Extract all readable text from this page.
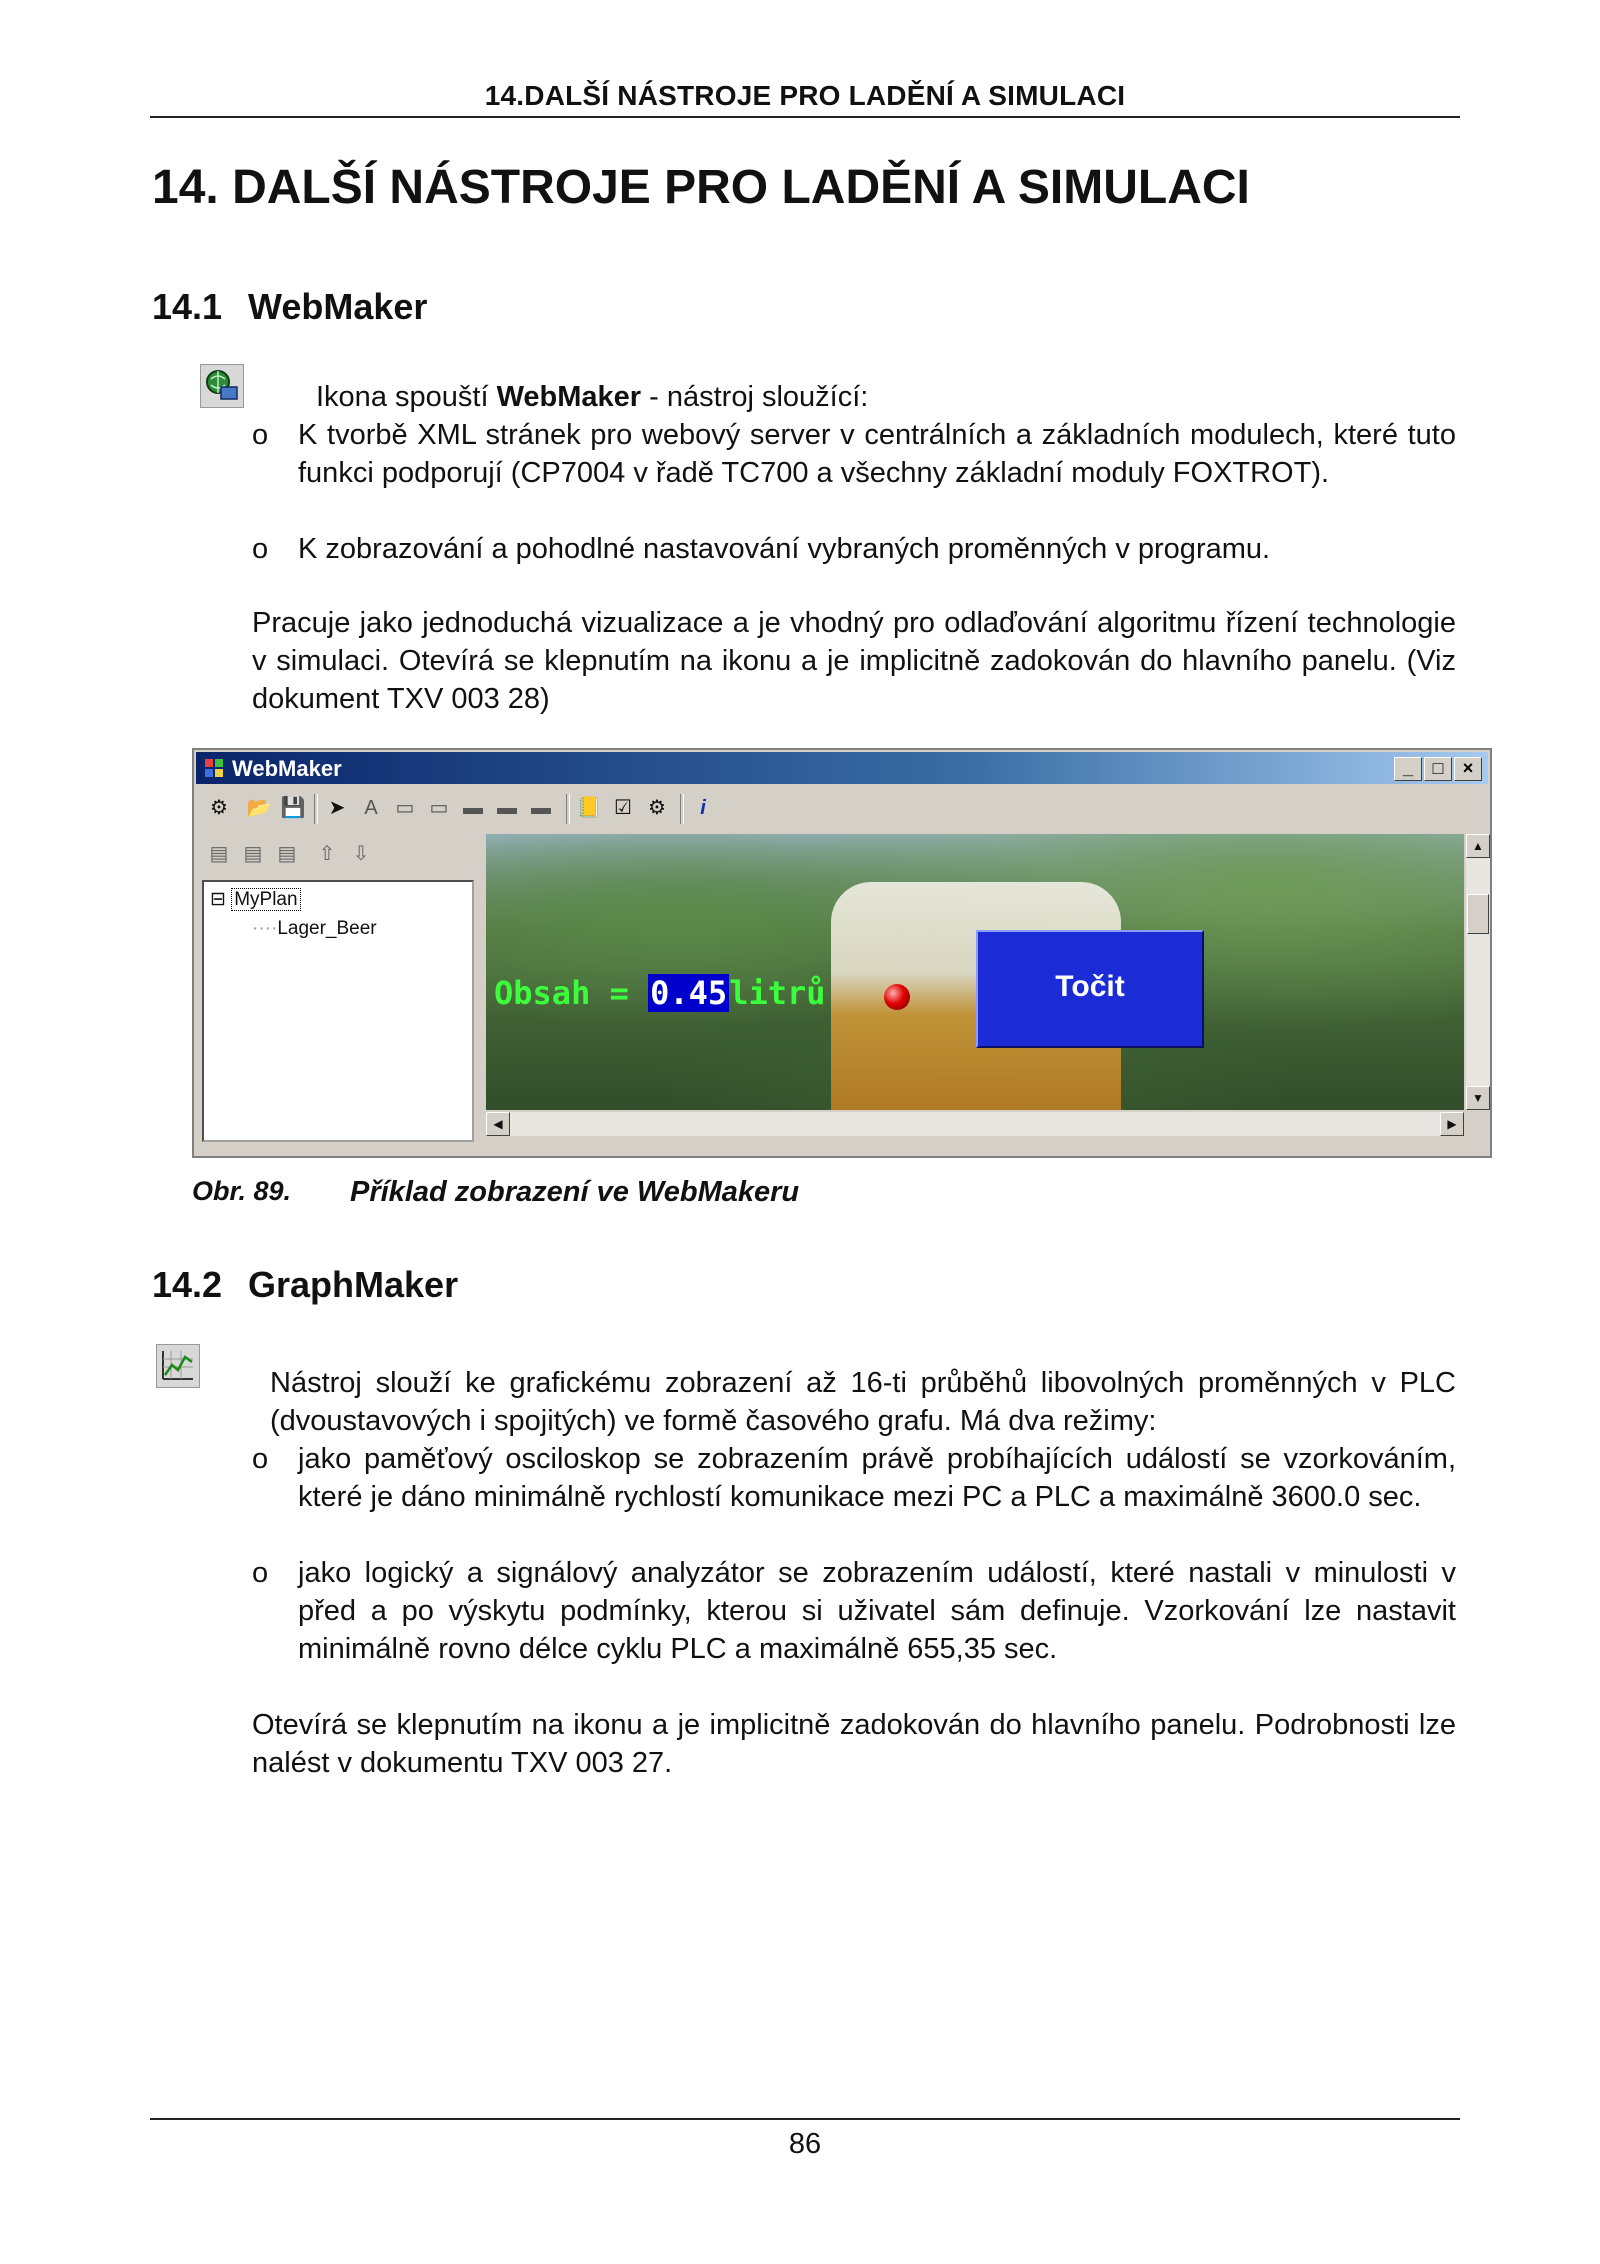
14.DALŠÍ NÁSTROJE PRO LADĚNÍ A SIMULACI
14. DALŠÍ NÁSTROJE PRO LADĚNÍ A SIMULACI
14.1 WebMaker

Ikona spouští WebMaker - nástroj sloužící:

o K tvorbě XML stránek pro webový server v centrálních a základních modulech, které tuto funkci podporují (CP7004 v řadě TC700 a všechny základní moduly FOXTROT).
o K zobrazování a pohodlné nastavování vybraných proměnných v programu.

Pracuje jako jednoduchá vizualizace a je vhodný pro odlaďování algoritmu řízení technologie v simulaci. Otevírá se klepnutím na ikonu a je implicitně zadokován do hlavního panelu. (Viz dokument TXV 003 28)

WebMaker	_	□	×
⚙ 📂 💾	➤ A ▭ ▭ ▬ ▬ ▬ 📒 ☑ ⚙	i
▤ ▤ ▤	⇧ ⇩
⊟ MyPlan
····Lager_Beer
Obsah = 0.45litrů	Točit
▲
▼
◀	▶
Obr. 89. Příklad zobrazení ve WebMakeru
14.2 GraphMaker

Nástroj slouží ke grafickému zobrazení až 16-ti průběhů libovolných proměnných v PLC (dvoustavových i spojitých) ve formě časového grafu. Má dva režimy:

o jako paměťový osciloskop se zobrazením právě probíhajících událostí se vzorkováním, které je dáno minimálně rychlostí komunikace mezi PC a PLC a maximálně 3600.0 sec.
o jako logický a signálový analyzátor se zobrazením událostí, které nastali v minulosti v před a po výskytu podmínky, kterou si uživatel sám definuje. Vzorkování lze nastavit minimálně rovno délce cyklu PLC a maximálně 655,35 sec.

Otevírá se klepnutím na ikonu a je implicitně zadokován do hlavního panelu. Podrobnosti lze nalést v dokumentu TXV 003 27.

86
